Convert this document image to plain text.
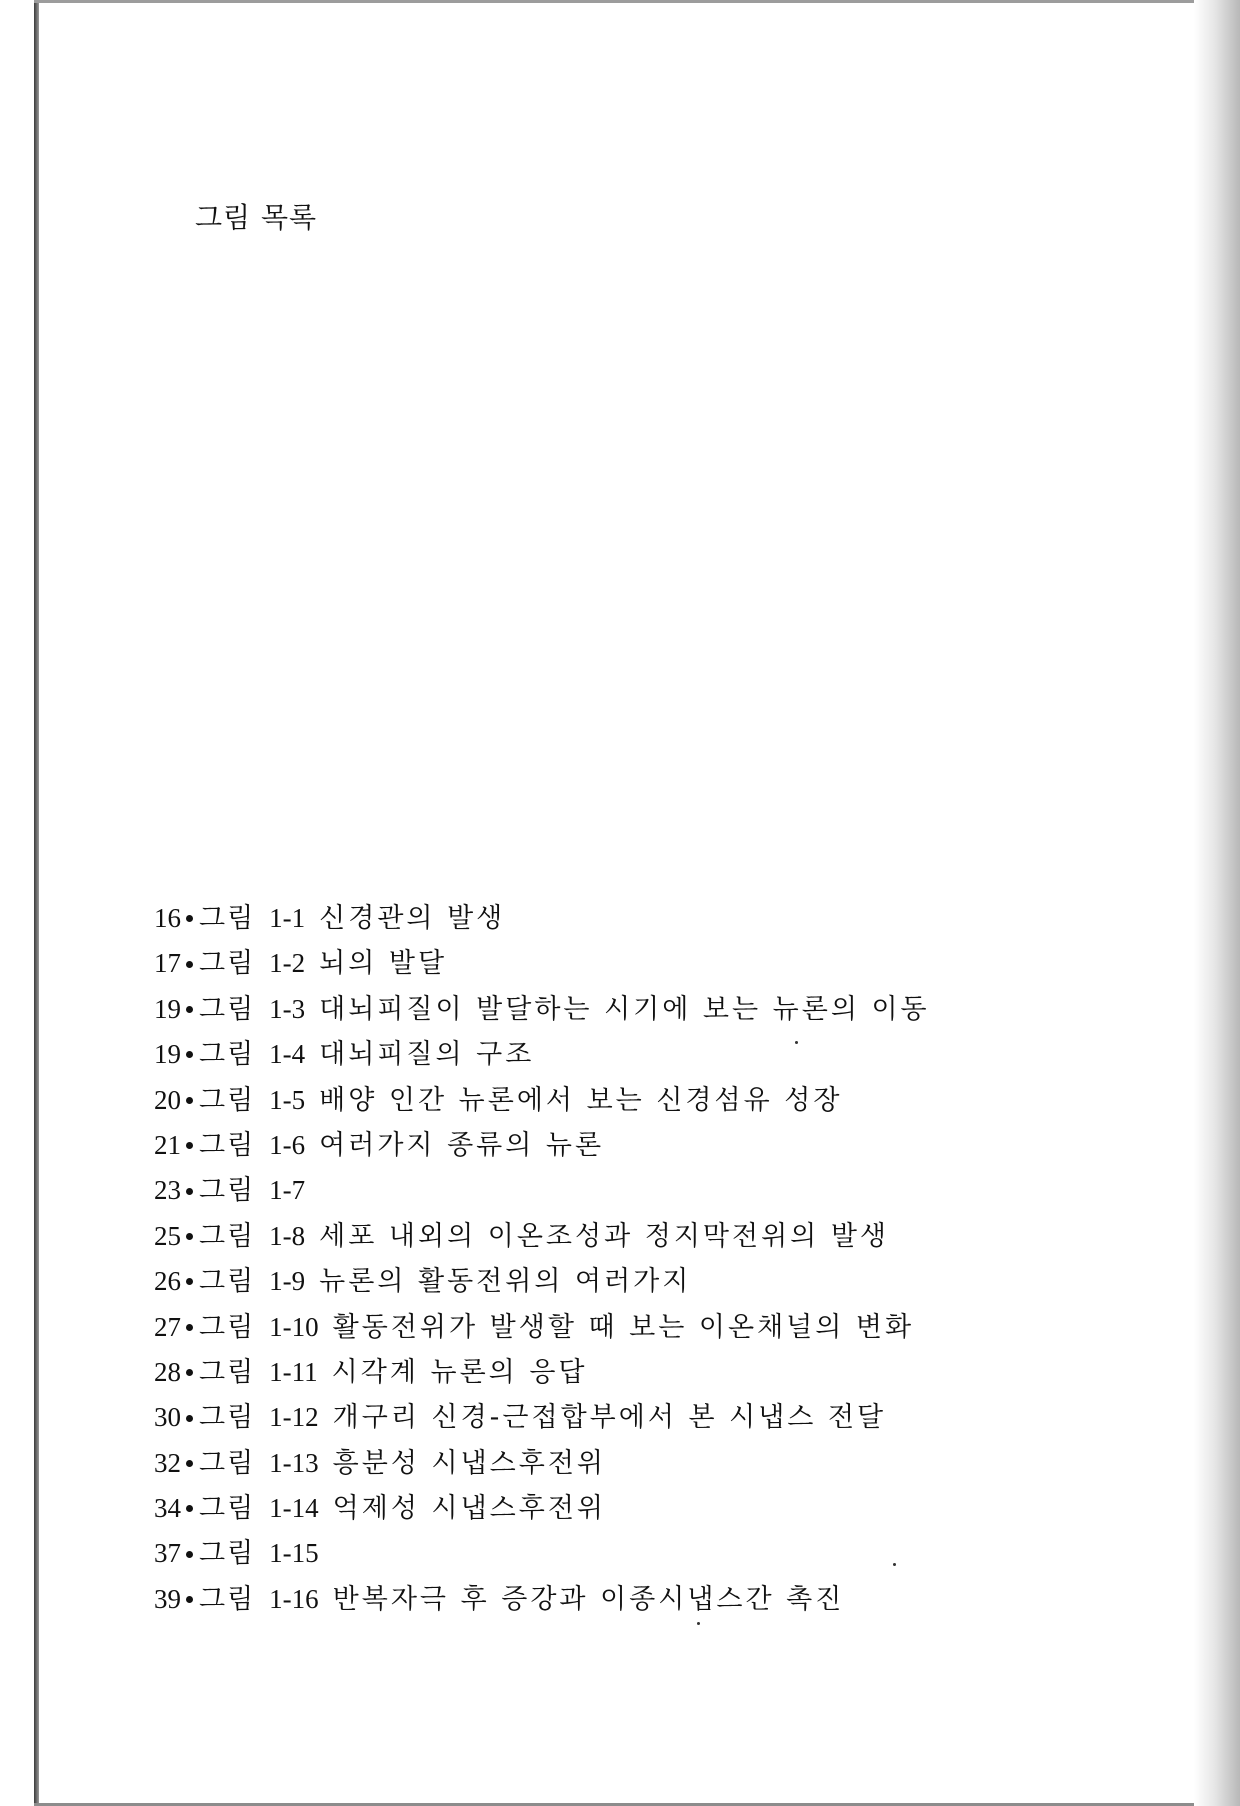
그림 목록
16 그림 1-1 신경관의 발생
17 그림 1-2 뇌의 발달
19 그림 1-3 대뇌피질이 발달하는 시기에 보는 뉴론의 이동
19 그림 1-4 대뇌피질의 구조
20 그림 1-5 배양 인간 뉴론에서 보는 신경섬유 성장
21 그림 1-6 여러가지 종류의 뉴론
23 그림 1-7
25 그림 1-8 세포 내외의 이온조성과 정지막전위의 발생
26 그림 1-9 뉴론의 활동전위의 여러가지
27 그림 1-10 활동전위가 발생할 때 보는 이온채널의 변화
28 그림 1-11 시각계 뉴론의 응답
30 그림 1-12 개구리 신경-근접합부에서 본 시냅스 전달
32 그림 1-13 흥분성 시냅스후전위
34 그림 1-14 억제성 시냅스후전위
37 그림 1-15
39 그림 1-16 반복자극 후 증강과 이종시냅스간 촉진
